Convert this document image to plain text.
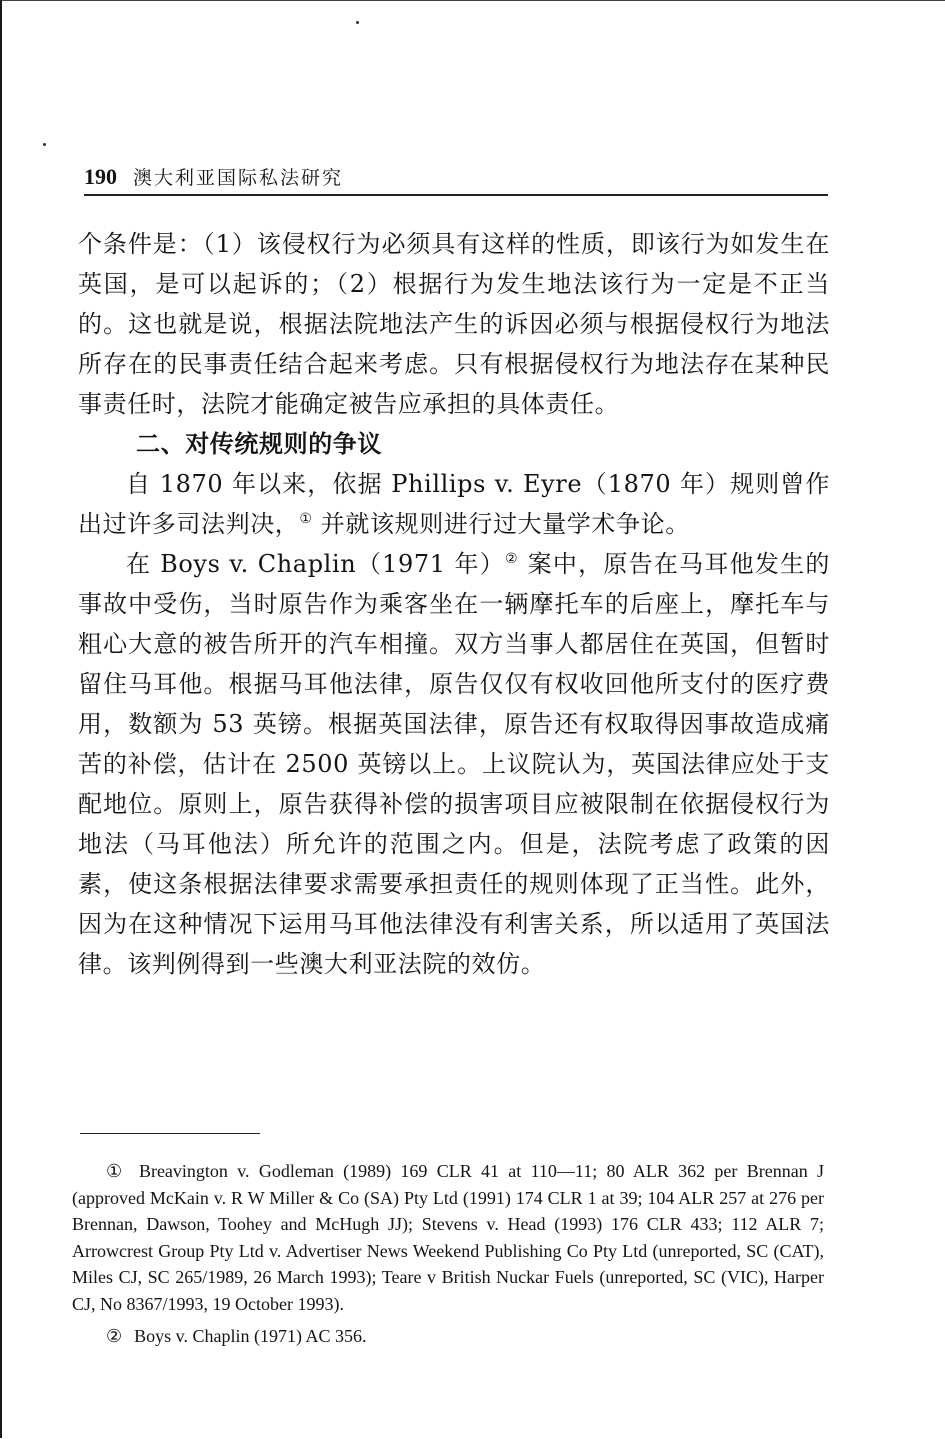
190 澳大利亚国际私法研究

个条件是：（1）该侵权行为必须具有这样的性质，即该行为如发生在英国，是可以起诉的；（2）根据行为发生地法该行为一定是不正当的。这也就是说，根据法院地法产生的诉因必须与根据侵权行为地法所存在的民事责任结合起来考虑。只有根据侵权行为地法存在某种民事责任时，法院才能确定被告应承担的具体责任。

二、对传统规则的争议

自 1870 年以来，依据 Phillips v. Eyre（1870 年）规则曾作出过许多司法判决，① 并就该规则进行过大量学术争论。

在 Boys v. Chaplin（1971 年）② 案中，原告在马耳他发生的事故中受伤，当时原告作为乘客坐在一辆摩托车的后座上，摩托车与粗心大意的被告所开的汽车相撞。双方当事人都居住在英国，但暂时留住马耳他。根据马耳他法律，原告仅仅有权收回他所支付的医疗费用，数额为 53 英镑。根据英国法律，原告还有权取得因事故造成痛苦的补偿，估计在 2500 英镑以上。上议院认为，英国法律应处于支配地位。原则上，原告获得补偿的损害项目应被限制在依据侵权行为地法（马耳他法）所允许的范围之内。但是，法院考虑了政策的因素，使这条根据法律要求需要承担责任的规则体现了正当性。此外，因为在这种情况下运用马耳他法律没有利害关系，所以适用了英国法律。该判例得到一些澳大利亚法院的效仿。

① Breavington v. Godleman (1989) 169 CLR 41 at 110—11; 80 ALR 362 per Brennan J (approved McKain v. R W Miller & Co (SA) Pty Ltd (1991) 174 CLR 1 at 39; 104 ALR 257 at 276 per Brennan, Dawson, Toohey and McHugh JJ); Stevens v. Head (1993) 176 CLR 433; 112 ALR 7; Arrowcrest Group Pty Ltd v. Advertiser News Weekend Publishing Co Pty Ltd (unreported, SC (CAT), Miles CJ, SC 265/1989, 26 March 1993); Teare v British Nuckar Fuels (unreported, SC (VIC), Harper CJ, No 8367/1993, 19 October 1993).

② Boys v. Chaplin (1971) AC 356.
